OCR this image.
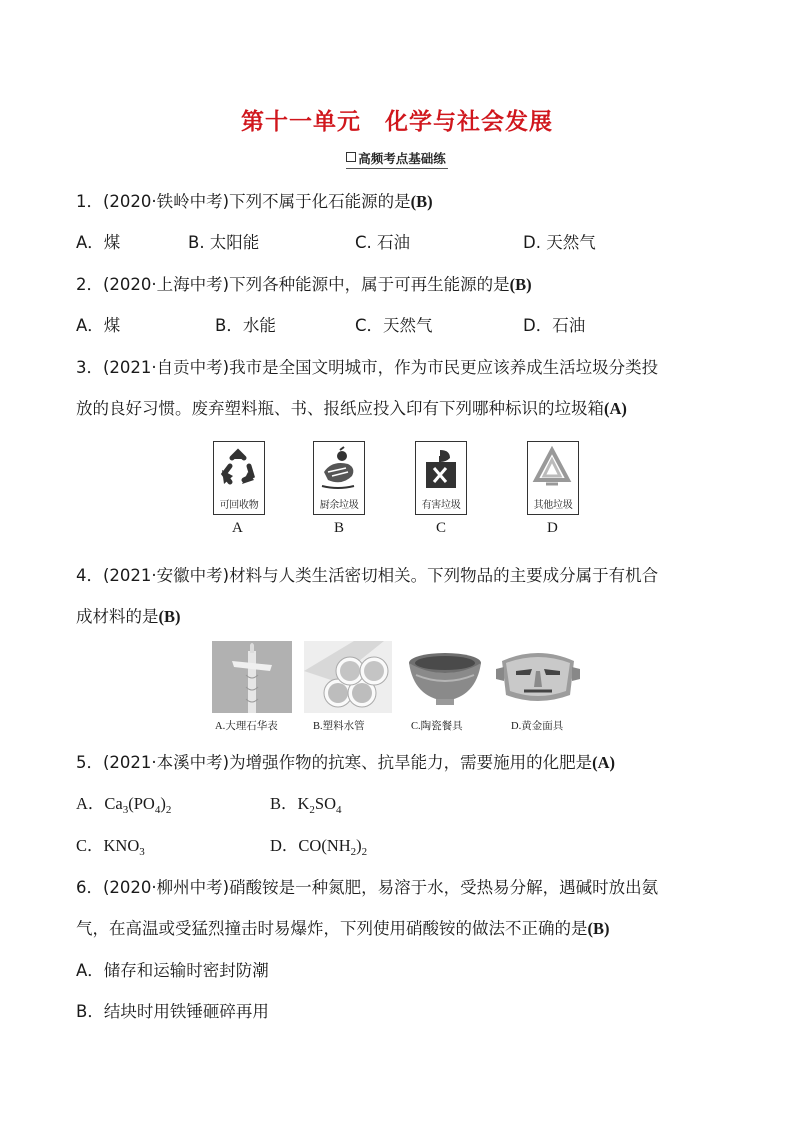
第十一单元　化学与社会发展
高频考点基础练
1．(2020·铁岭中考)下列不属于化石能源的是(B)
A．煤	B. 太阳能	C. 石油	D. 天然气
2．(2020·上海中考)下列各种能源中，属于可再生能源的是(B)
A．煤	B．水能	C．天然气	D．石油
3．(2021·自贡中考)我市是全国文明城市，作为市民更应该养成生活垃圾分类投
放的良好习惯。废弃塑料瓶、书、报纸应投入印有下列哪种标识的垃圾箱(A)
可回收物	厨余垃圾	有害垃圾	其他垃圾
A	B	C	D
4．(2021·安徽中考)材料与人类生活密切相关。下列物品的主要成分属于有机合
成材料的是(B)
A.大理石华表	B.塑料水管	C.陶瓷餐具	D.黄金面具
5．(2021·本溪中考)为增强作物的抗寒、抗旱能力，需要施用的化肥是(A)
A．$Ca_3(PO_4)_2$	B．$K_2SO_4$
C．$KNO_3$	D．$CO(NH_2)_2$
6．(2020·柳州中考)硝酸铵是一种氮肥，易溶于水，受热易分解，遇碱时放出氨
气，在高温或受猛烈撞击时易爆炸，下列使用硝酸铵的做法不正确的是(B)
A．储存和运输时密封防潮
B．结块时用铁锤砸碎再用
